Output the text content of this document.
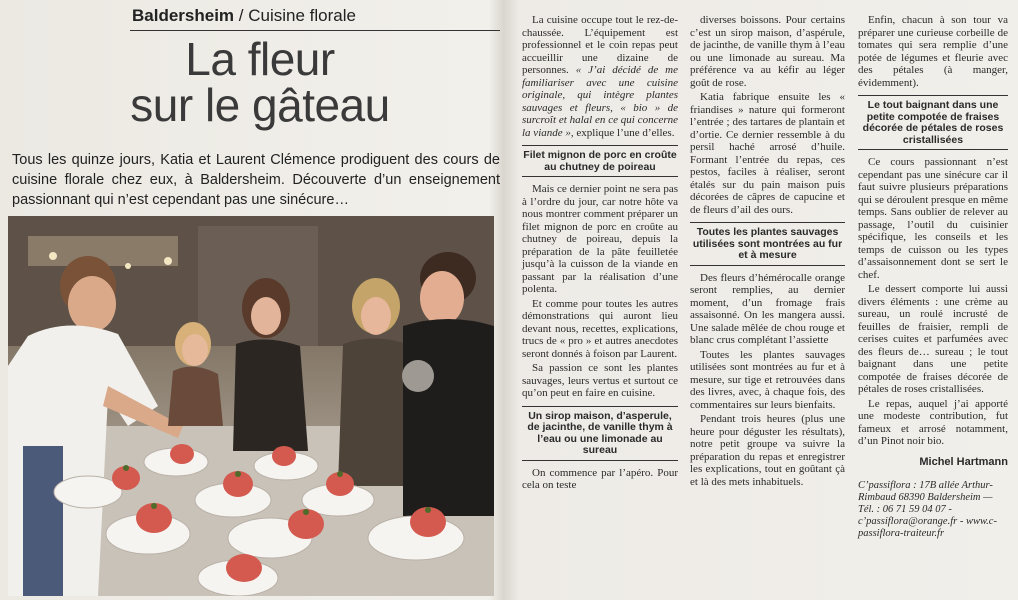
Baldersheim / Cuisine florale
La fleur
sur le gâteau
Tous les quinze jours, Katia et Laurent Clémence prodiguent des cours de cuisine florale chez eux, à Baldersheim. Découverte d’un enseignement passionnant qui n’est cependant pas une sinécure…

La cuisine occupe tout le rez-de-chaussée. L’équipement est professionnel et le coin repas peut accueillir une dizaine de personnes. « J’ai décidé de me familiariser avec une cuisine originale, qui intègre plantes sauvages et fleurs, « bio » de surcroît et halal en ce qui concerne la viande », explique l’une d’elles.

Filet mignon de porc en croûte au chutney de poireau

Mais ce dernier point ne sera pas à l’ordre du jour, car notre hôte va nous montrer comment préparer un filet mignon de porc en croûte au chutney de poireau, depuis la préparation de la pâte feuilletée jusqu’à la cuisson de la viande en passant par la réalisation d’une polenta.

Et comme pour toutes les autres démonstrations qui auront lieu devant nous, recettes, explications, trucs de « pro » et autres anecdotes seront donnés à foison par Laurent.

Sa passion ce sont les plantes sauvages, leurs vertus et surtout ce qu’on peut en faire en cuisine.

Un sirop maison, d’asperule, de jacinthe, de vanille thym à l’eau ou une limonade au sureau

On commence par l’apéro. Pour cela on teste

diverses boissons. Pour certains c’est un sirop maison, d’aspérule, de jacinthe, de vanille thym à l’eau ou une limonade au sureau. Ma préférence va au kéfir au léger goût de rose.

Katia fabrique ensuite les « friandises » nature qui formeront l’entrée ; des tartares de plantain et d’ortie. Ce dernier ressemble à du persil haché arrosé d’huile. Formant l’entrée du repas, ces pestos, faciles à réaliser, seront étalés sur du pain maison puis décorées de câpres de capucine et de fleurs d’ail des ours.

Toutes les plantes sauvages utilisées sont montrées au fur et à mesure

Des fleurs d’hémérocalle orange seront remplies, au dernier moment, d’un fromage frais assaisonné. On les mangera aussi. Une salade mêlée de chou rouge et blanc crus complétant l’assiette

Toutes les plantes sauvages utilisées sont montrées au fur et à mesure, sur tige et retrouvées dans des livres, avec, à chaque fois, des commentaires sur leurs bienfaits.

Pendant trois heures (plus une heure pour déguster les résultats), notre petit groupe va suivre la préparation du repas et enregistrer les explications, tout en goûtant çà et là des mets inhabituels.

Enfin, chacun à son tour va préparer une curieuse corbeille de tomates qui sera remplie d’une potée de légumes et fleurie avec des pétales (à manger, évidemment).

Le tout baignant dans une petite compotée de fraises décorée de pétales de roses cristallisées

Ce cours passionnant n’est cependant pas une sinécure car il faut suivre plusieurs préparations qui se déroulent presque en même temps. Sans oublier de relever au passage, l’outil du cuisinier spécifique, les conseils et les temps de cuisson ou les types d’assaisonnement dont se sert le chef.

Le dessert comporte lui aussi divers éléments : une crème au sureau, un roulé incrusté de feuilles de fraisier, rempli de cerises cuites et parfumées avec des fleurs de… sureau ; le tout baignant dans une petite compotée de fraises décorée de pétales de roses cristallisées.

Le repas, auquel j’ai apporté une modeste contribution, fut fameux et arrosé notamment, d’un Pinot noir bio.

Michel Hartmann
C’passiflora : 17B allée Arthur-Rimbaud 68390 Baldersheim — Tél. : 06 71 59 04 07 - c’passiflora@orange.fr - www.c-passiflora-traiteur.fr
